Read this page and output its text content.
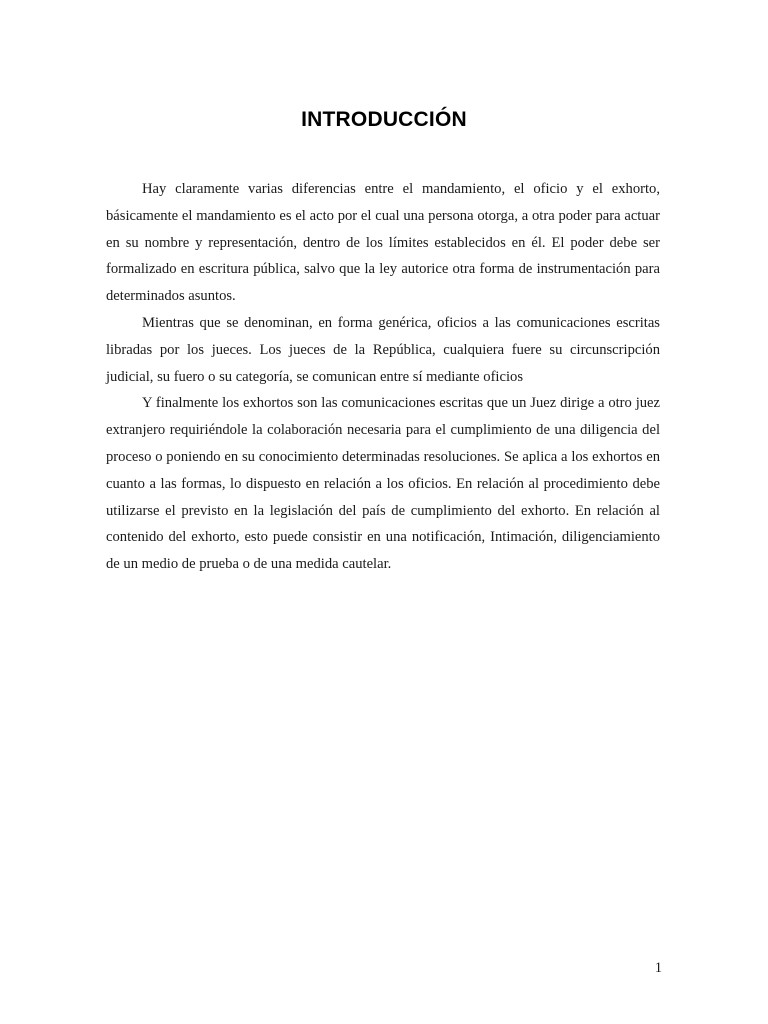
INTRODUCCIÓN

Hay claramente varias diferencias entre el mandamiento, el oficio y el exhorto, básicamente el mandamiento es el acto por el cual una persona otorga, a otra poder para actuar en su nombre y representación, dentro de los límites establecidos en él. El poder debe ser formalizado en escritura pública, salvo que la ley autorice otra forma de instrumentación para determinados asuntos.

Mientras que se denominan, en forma genérica, oficios a las comunicaciones escritas libradas por los jueces. Los jueces de la República, cualquiera fuere su circunscripción judicial, su fuero o su categoría, se comunican entre sí mediante oficios

Y finalmente los exhortos son las comunicaciones escritas que un Juez dirige a otro juez extranjero requiriéndole la colaboración necesaria para el cumplimiento de una diligencia del proceso o poniendo en su conocimiento determinadas resoluciones. Se aplica a los exhortos en cuanto a las formas, lo dispuesto en relación a los oficios. En relación al procedimiento debe utilizarse el previsto en la legislación del país de cumplimiento del exhorto. En relación al contenido del exhorto, esto puede consistir en una notificación, Intimación, diligenciamiento de un medio de prueba o de una medida cautelar.

1
